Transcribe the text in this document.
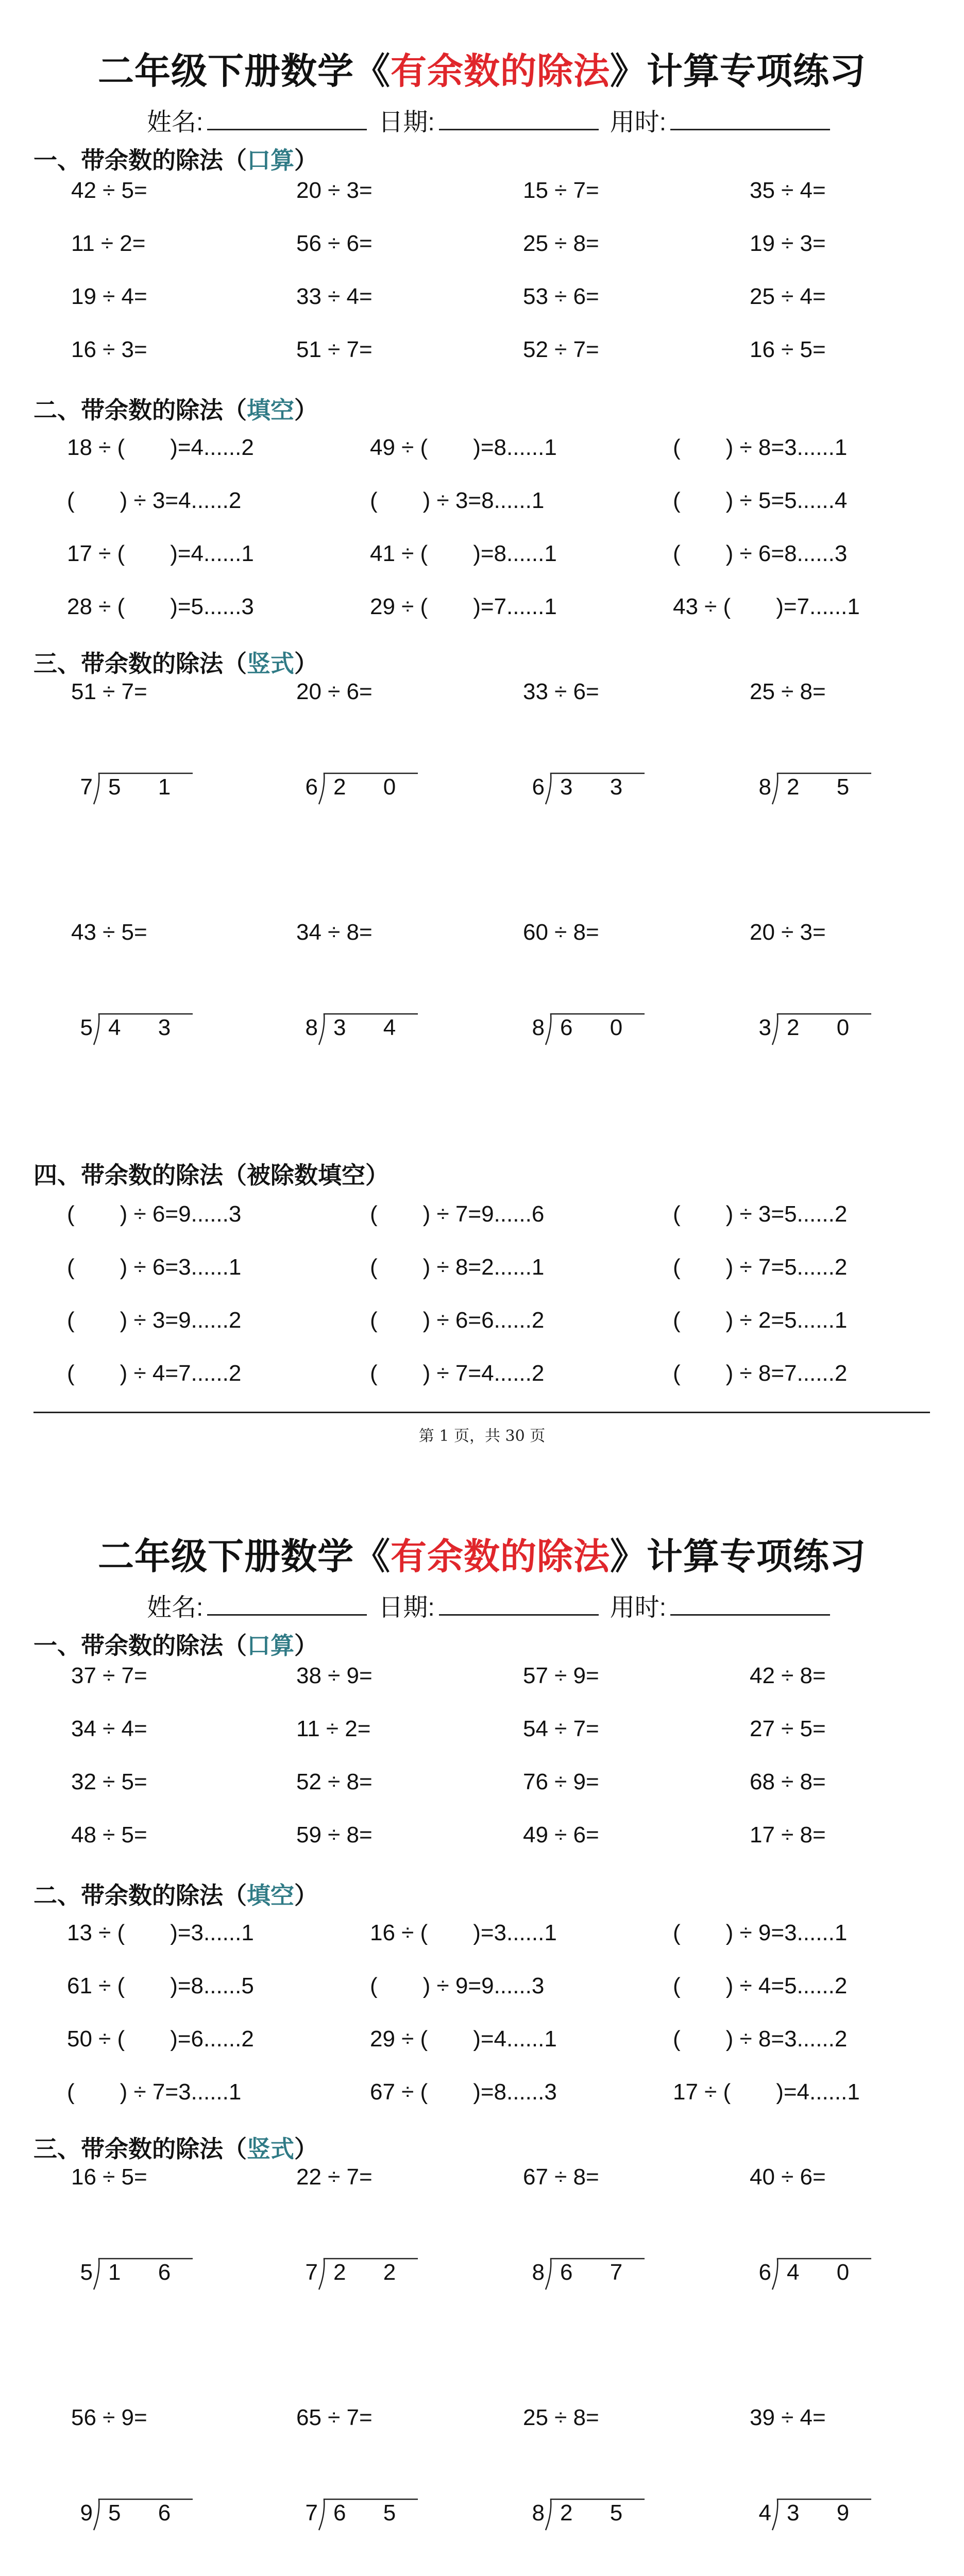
二年级下册数学《有余数的除法》计算专项练习
姓名:	日期:	用时:
一、带余数的除法（口算）
42 ÷ 5=	20 ÷ 3=	15 ÷ 7=	35 ÷ 4=
11 ÷ 2=	56 ÷ 6=	25 ÷ 8=	19 ÷ 3=
19 ÷ 4=	33 ÷ 4=	53 ÷ 6=	25 ÷ 4=
16 ÷ 3=	51 ÷ 7=	52 ÷ 7=	16 ÷ 5=
二、带余数的除法（填空）
18 ÷ (　　)=4......2	49 ÷ (　　)=8......1	(　　) ÷ 8=3......1
(　　) ÷ 3=4......2	(　　) ÷ 3=8......1	(　　) ÷ 5=5......4
17 ÷ (　　)=4......1	41 ÷ (　　)=8......1	(　　) ÷ 6=8......3
28 ÷ (　　)=5......3	29 ÷ (　　)=7......1	43 ÷ (　　)=7......1
三、带余数的除法（竖式）
51 ÷ 7=	20 ÷ 6=	33 ÷ 6=	25 ÷ 8=
7 5 1	6 2 0	6 3 3	8 2 5
43 ÷ 5=	34 ÷ 8=	60 ÷ 8=	20 ÷ 3=
5 4 3	8 3 4	8 6 0	3 2 0
四、带余数的除法（被除数填空）
(　　) ÷ 6=9......3	(　　) ÷ 7=9......6	(　　) ÷ 3=5......2
(　　) ÷ 6=3......1	(　　) ÷ 8=2......1	(　　) ÷ 7=5......2
(　　) ÷ 3=9......2	(　　) ÷ 6=6......2	(　　) ÷ 2=5......1
(　　) ÷ 4=7......2	(　　) ÷ 7=4......2	(　　) ÷ 8=7......2
第 1 页，共 30 页
二年级下册数学《有余数的除法》计算专项练习
姓名:	日期:	用时:
一、带余数的除法（口算）
37 ÷ 7=	38 ÷ 9=	57 ÷ 9=	42 ÷ 8=
34 ÷ 4=	11 ÷ 2=	54 ÷ 7=	27 ÷ 5=
32 ÷ 5=	52 ÷ 8=	76 ÷ 9=	68 ÷ 8=
48 ÷ 5=	59 ÷ 8=	49 ÷ 6=	17 ÷ 8=
二、带余数的除法（填空）
13 ÷ (　　)=3......1	16 ÷ (　　)=3......1	(　　) ÷ 9=3......1
61 ÷ (　　)=8......5	(　　) ÷ 9=9......3	(　　) ÷ 4=5......2
50 ÷ (　　)=6......2	29 ÷ (　　)=4......1	(　　) ÷ 8=3......2
(　　) ÷ 7=3......1	67 ÷ (　　)=8......3	17 ÷ (　　)=4......1
三、带余数的除法（竖式）
16 ÷ 5=	22 ÷ 7=	67 ÷ 8=	40 ÷ 6=
5 1 6	7 2 2	8 6 7	6 4 0
56 ÷ 9=	65 ÷ 7=	25 ÷ 8=	39 ÷ 4=
9 5 6	7 6 5	8 2 5	4 3 9
